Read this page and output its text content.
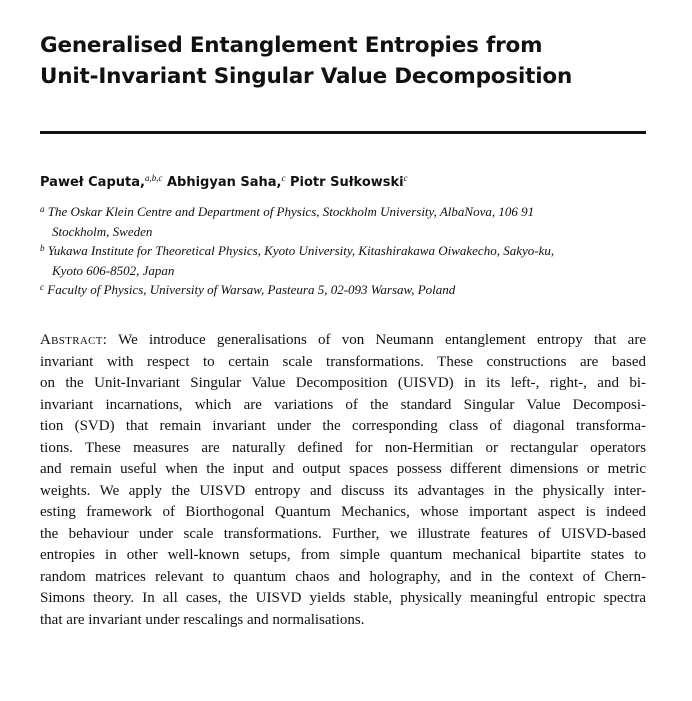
Generalised Entanglement Entropies from
Unit-Invariant Singular Value Decomposition
Paweł Caputa,$^{a,b,c}$ Abhigyan Saha,$^c$ Piotr Sułkowski$^c$
$^a$ The Oskar Klein Centre and Department of Physics, Stockholm University, AlbaNova, 106 91
Stockholm, Sweden
$^b$ Yukawa Institute for Theoretical Physics, Kyoto University, Kitashirakawa Oiwakecho, Sakyo-ku,
Kyoto 606-8502, Japan
$^c$ Faculty of Physics, University of Warsaw, Pasteura 5, 02-093 Warsaw, Poland
Abstract: We introduce generalisations of von Neumann entanglement entropy that are
invariant with respect to certain scale transformations. These constructions are based
on the Unit-Invariant Singular Value Decomposition (UISVD) in its left-, right-, and bi-
invariant incarnations, which are variations of the standard Singular Value Decomposi-
tion (SVD) that remain invariant under the corresponding class of diagonal transforma-
tions. These measures are naturally defined for non-Hermitian or rectangular operators
and remain useful when the input and output spaces possess different dimensions or metric
weights. We apply the UISVD entropy and discuss its advantages in the physically inter-
esting framework of Biorthogonal Quantum Mechanics, whose important aspect is indeed
the behaviour under scale transformations. Further, we illustrate features of UISVD-based
entropies in other well-known setups, from simple quantum mechanical bipartite states to
random matrices relevant to quantum chaos and holography, and in the context of Chern-
Simons theory. In all cases, the UISVD yields stable, physically meaningful entropic spectra
that are invariant under rescalings and normalisations.
